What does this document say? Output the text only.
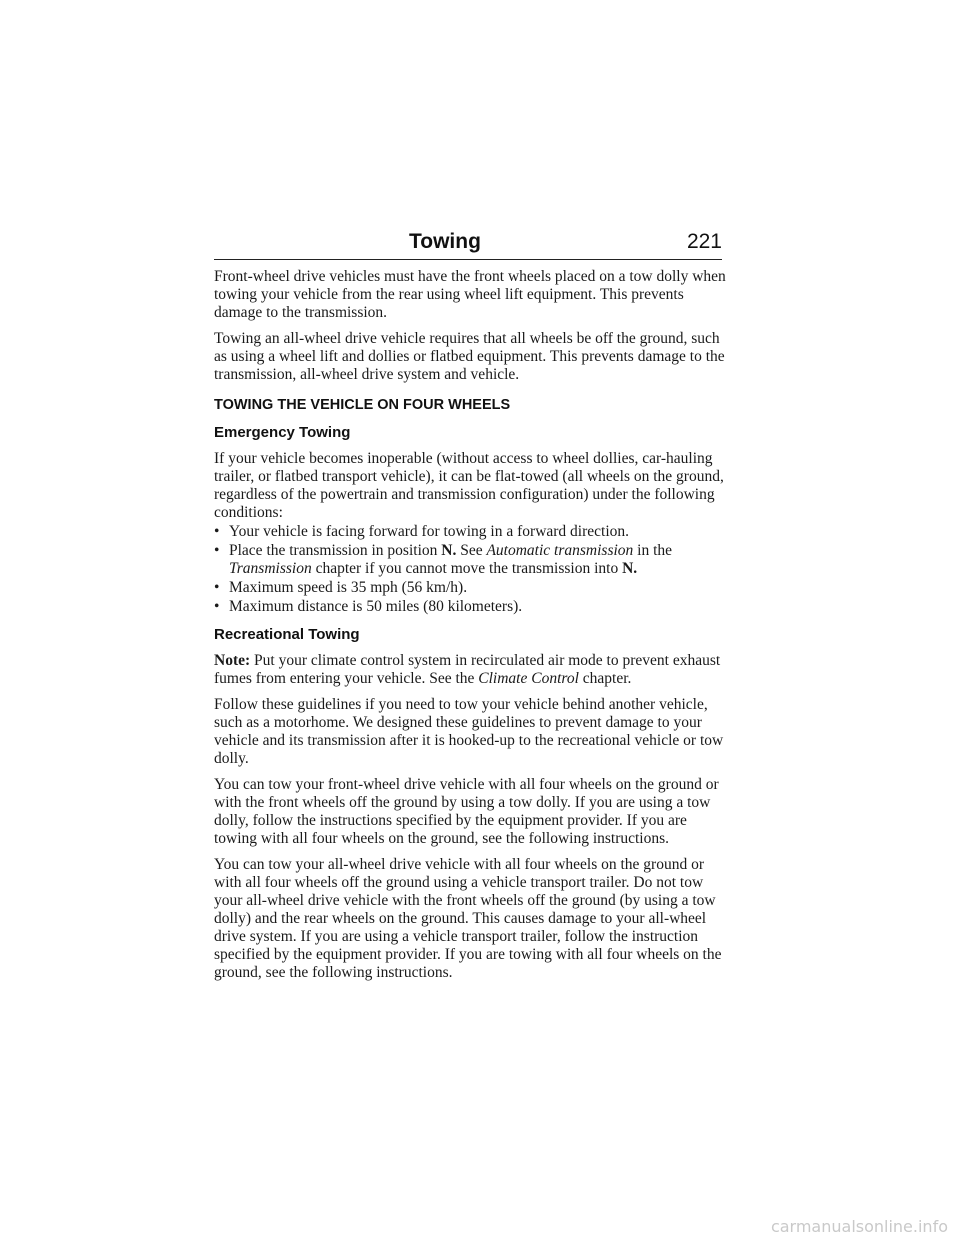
Towing	221

Front-wheel drive vehicles must have the front wheels placed on a tow dolly when towing your vehicle from the rear using wheel lift equipment. This prevents damage to the transmission.

Towing an all-wheel drive vehicle requires that all wheels be off the ground, such as using a wheel lift and dollies or flatbed equipment. This prevents damage to the transmission, all-wheel drive system and vehicle.

TOWING THE VEHICLE ON FOUR WHEELS
Emergency Towing

If your vehicle becomes inoperable (without access to wheel dollies, car-hauling trailer, or flatbed transport vehicle), it can be flat-towed (all wheels on the ground, regardless of the powertrain and transmission configuration) under the following conditions:

• Your vehicle is facing forward for towing in a forward direction.
• Place the transmission in position N. See Automatic transmission in the Transmission chapter if you cannot move the transmission into N.
• Maximum speed is 35 mph (56 km/h).
• Maximum distance is 50 miles (80 kilometers).
Recreational Towing

Note: Put your climate control system in recirculated air mode to prevent exhaust fumes from entering your vehicle. See the Climate Control chapter.

Follow these guidelines if you need to tow your vehicle behind another vehicle, such as a motorhome. We designed these guidelines to prevent damage to your vehicle and its transmission after it is hooked-up to the recreational vehicle or tow dolly.

You can tow your front-wheel drive vehicle with all four wheels on the ground or with the front wheels off the ground by using a tow dolly. If you are using a tow dolly, follow the instructions specified by the equipment provider. If you are towing with all four wheels on the ground, see the following instructions.

You can tow your all-wheel drive vehicle with all four wheels on the ground or with all four wheels off the ground using a vehicle transport trailer. Do not tow your all-wheel drive vehicle with the front wheels off the ground (by using a tow dolly) and the rear wheels on the ground. This causes damage to your all-wheel drive system. If you are using a vehicle transport trailer, follow the instruction specified by the equipment provider. If you are towing with all four wheels on the ground, see the following instructions.

carmanualsonline.info
